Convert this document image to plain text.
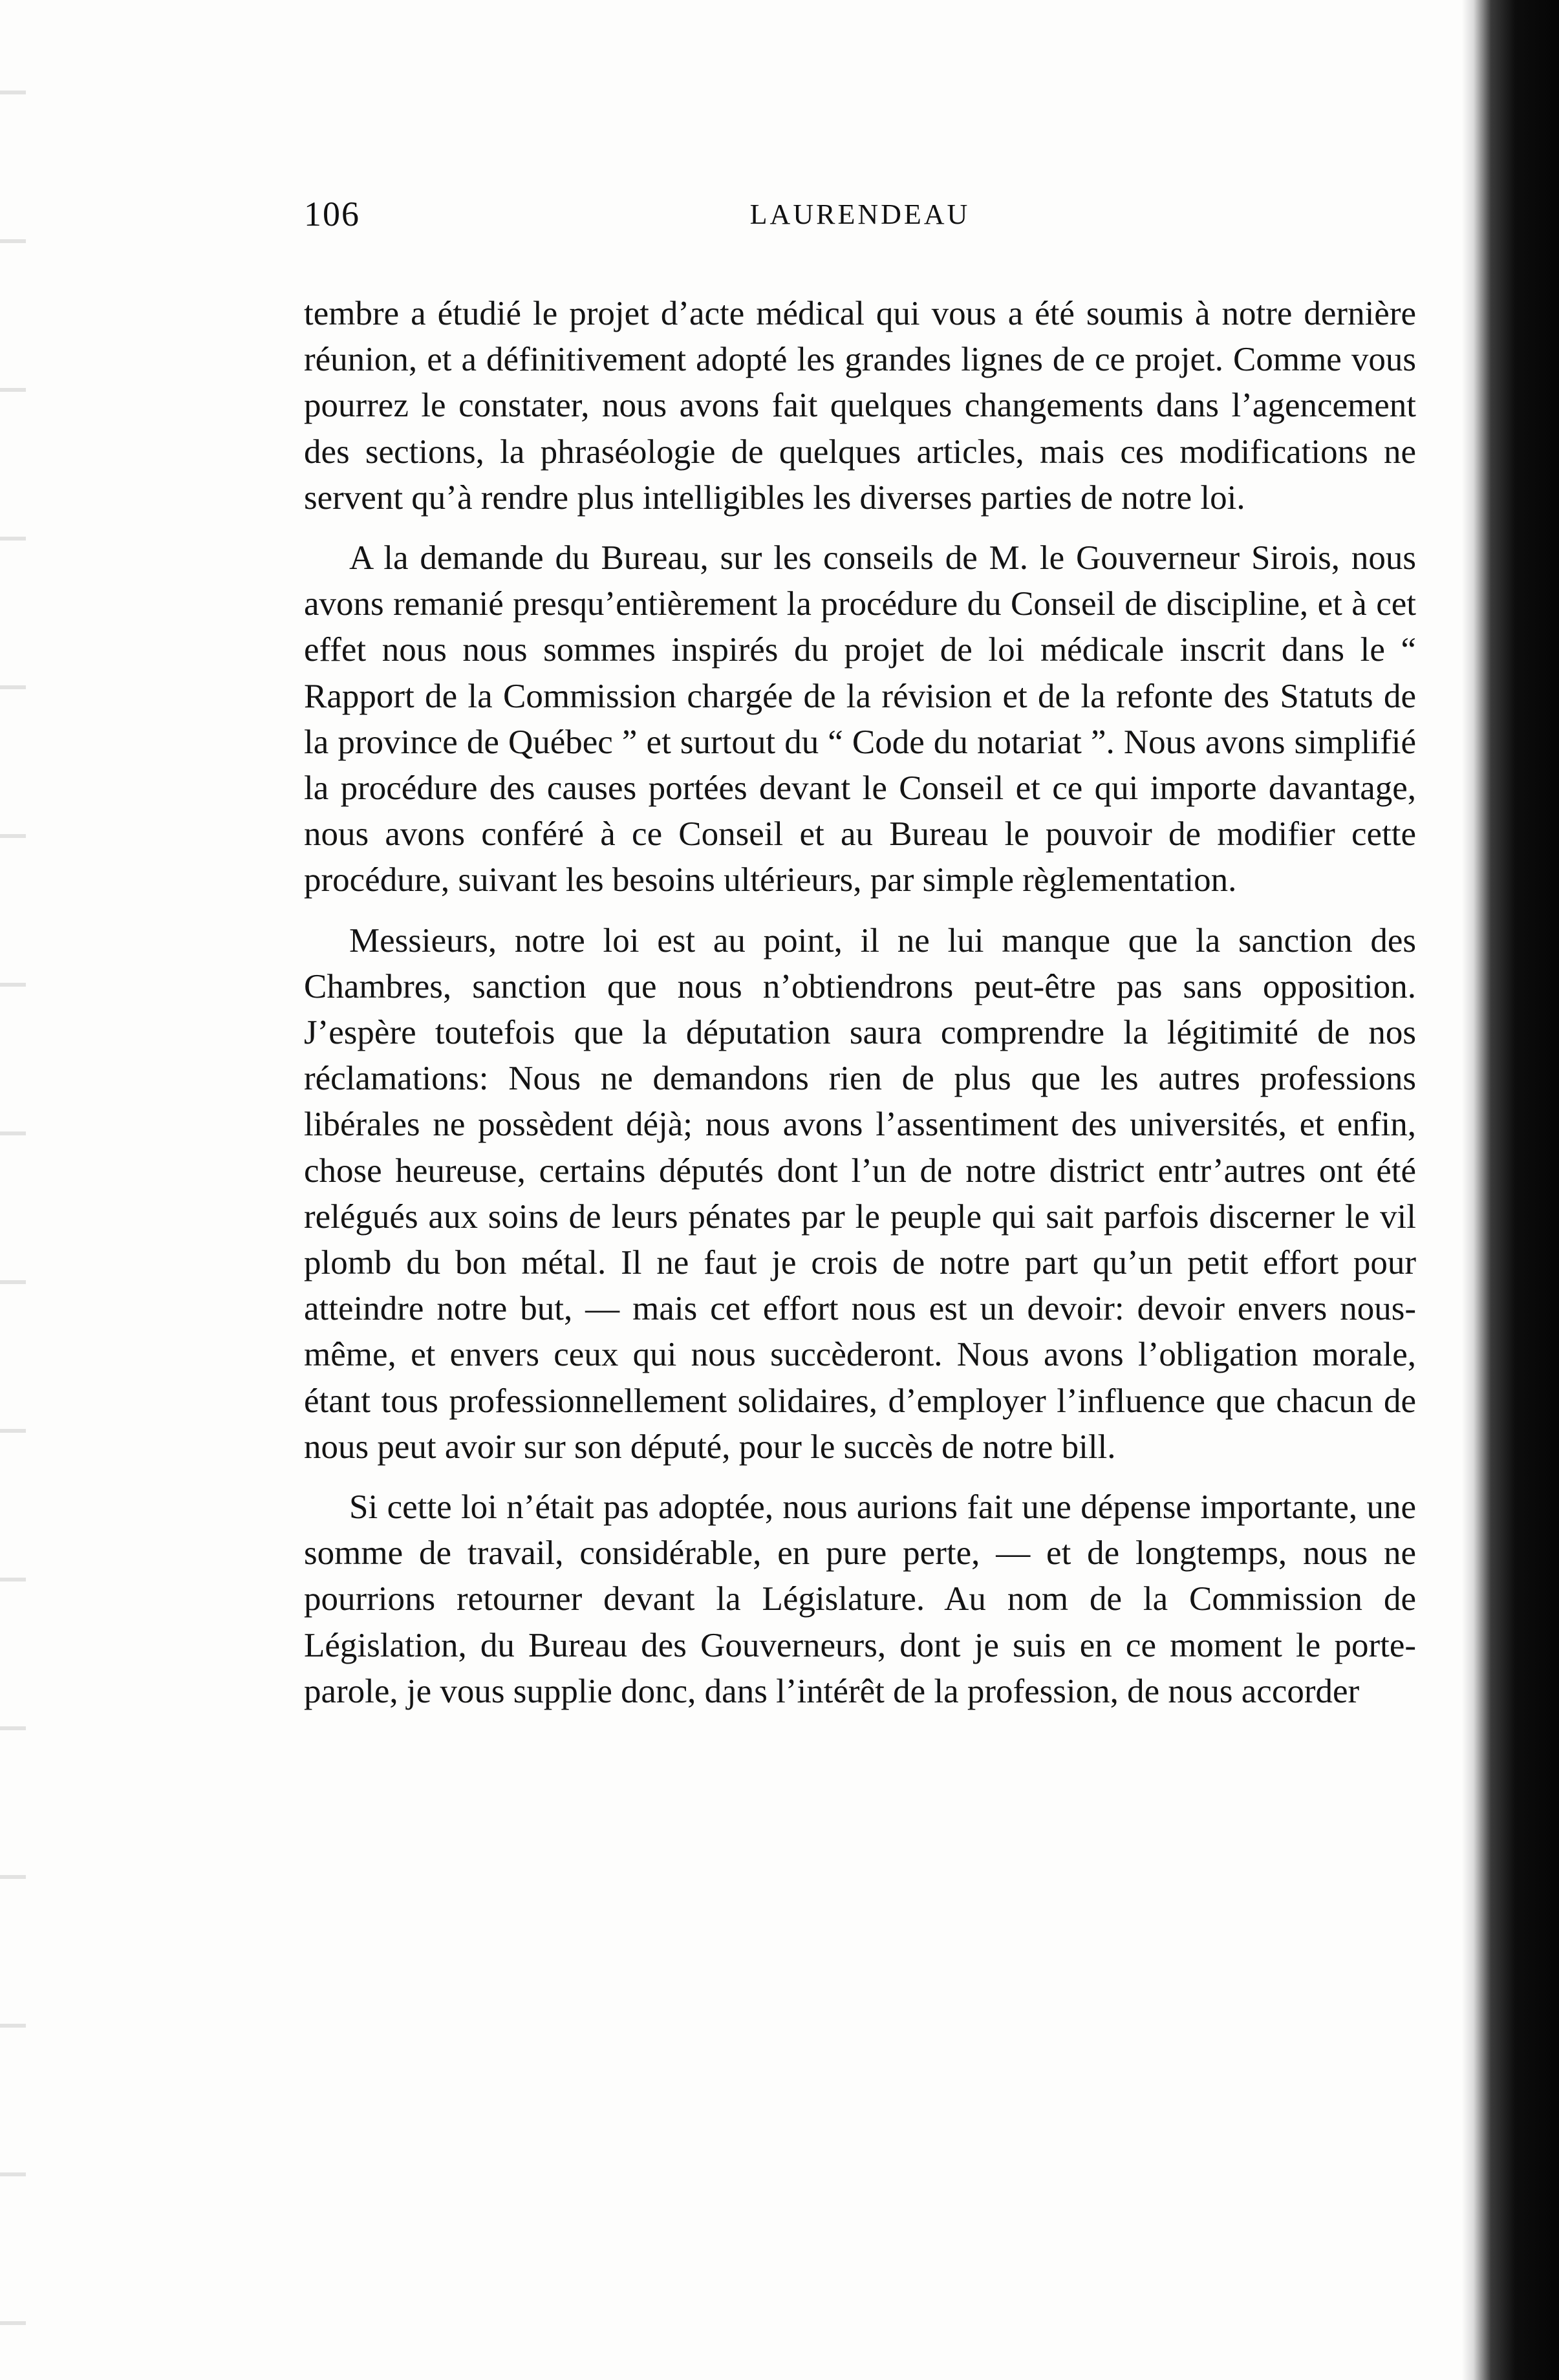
106	LAURENDEAU

tembre a étudié le projet d’acte médical qui vous a été soumis à notre dernière réunion, et a définitivement adopté les grandes lignes de ce projet. Comme vous pourrez le constater, nous avons fait quelques changements dans l’agencement des sections, la phraséologie de quelques articles, mais ces modifications ne servent qu’à rendre plus intelligibles les diverses parties de notre loi.

A la demande du Bureau, sur les conseils de M. le Gouverneur Sirois, nous avons remanié presqu’entièrement la procédure du Conseil de discipline, et à cet effet nous nous sommes inspirés du projet de loi médicale inscrit dans le “ Rapport de la Commission chargée de la révision et de la refonte des Statuts de la province de Québec ” et surtout du “ Code du notariat ”. Nous avons simplifié la procédure des causes portées devant le Conseil et ce qui importe davantage, nous avons conféré à ce Conseil et au Bureau le pouvoir de modifier cette procédure, suivant les besoins ultérieurs, par simple règlementation.

Messieurs, notre loi est au point, il ne lui manque que la sanction des Chambres, sanction que nous n’obtiendrons peut-être pas sans opposition. J’espère toutefois que la députation saura comprendre la légitimité de nos réclamations: Nous ne demandons rien de plus que les autres professions libérales ne possèdent déjà; nous avons l’assentiment des universités, et enfin, chose heureuse, certains députés dont l’un de notre district entr’autres ont été relégués aux soins de leurs pénates par le peuple qui sait parfois discerner le vil plomb du bon métal. Il ne faut je crois de notre part qu’un petit effort pour atteindre notre but, — mais cet effort nous est un devoir: devoir envers nous-même, et envers ceux qui nous succèderont. Nous avons l’obligation morale, étant tous professionnellement solidaires, d’employer l’influence que chacun de nous peut avoir sur son député, pour le succès de notre bill.

Si cette loi n’était pas adoptée, nous aurions fait une dépense importante, une somme de travail, considérable, en pure perte, — et de longtemps, nous ne pourrions retourner devant la Législature. Au nom de la Commission de Législation, du Bureau des Gouverneurs, dont je suis en ce moment le porte-parole, je vous supplie donc, dans l’intérêt de la profession, de nous accorder
